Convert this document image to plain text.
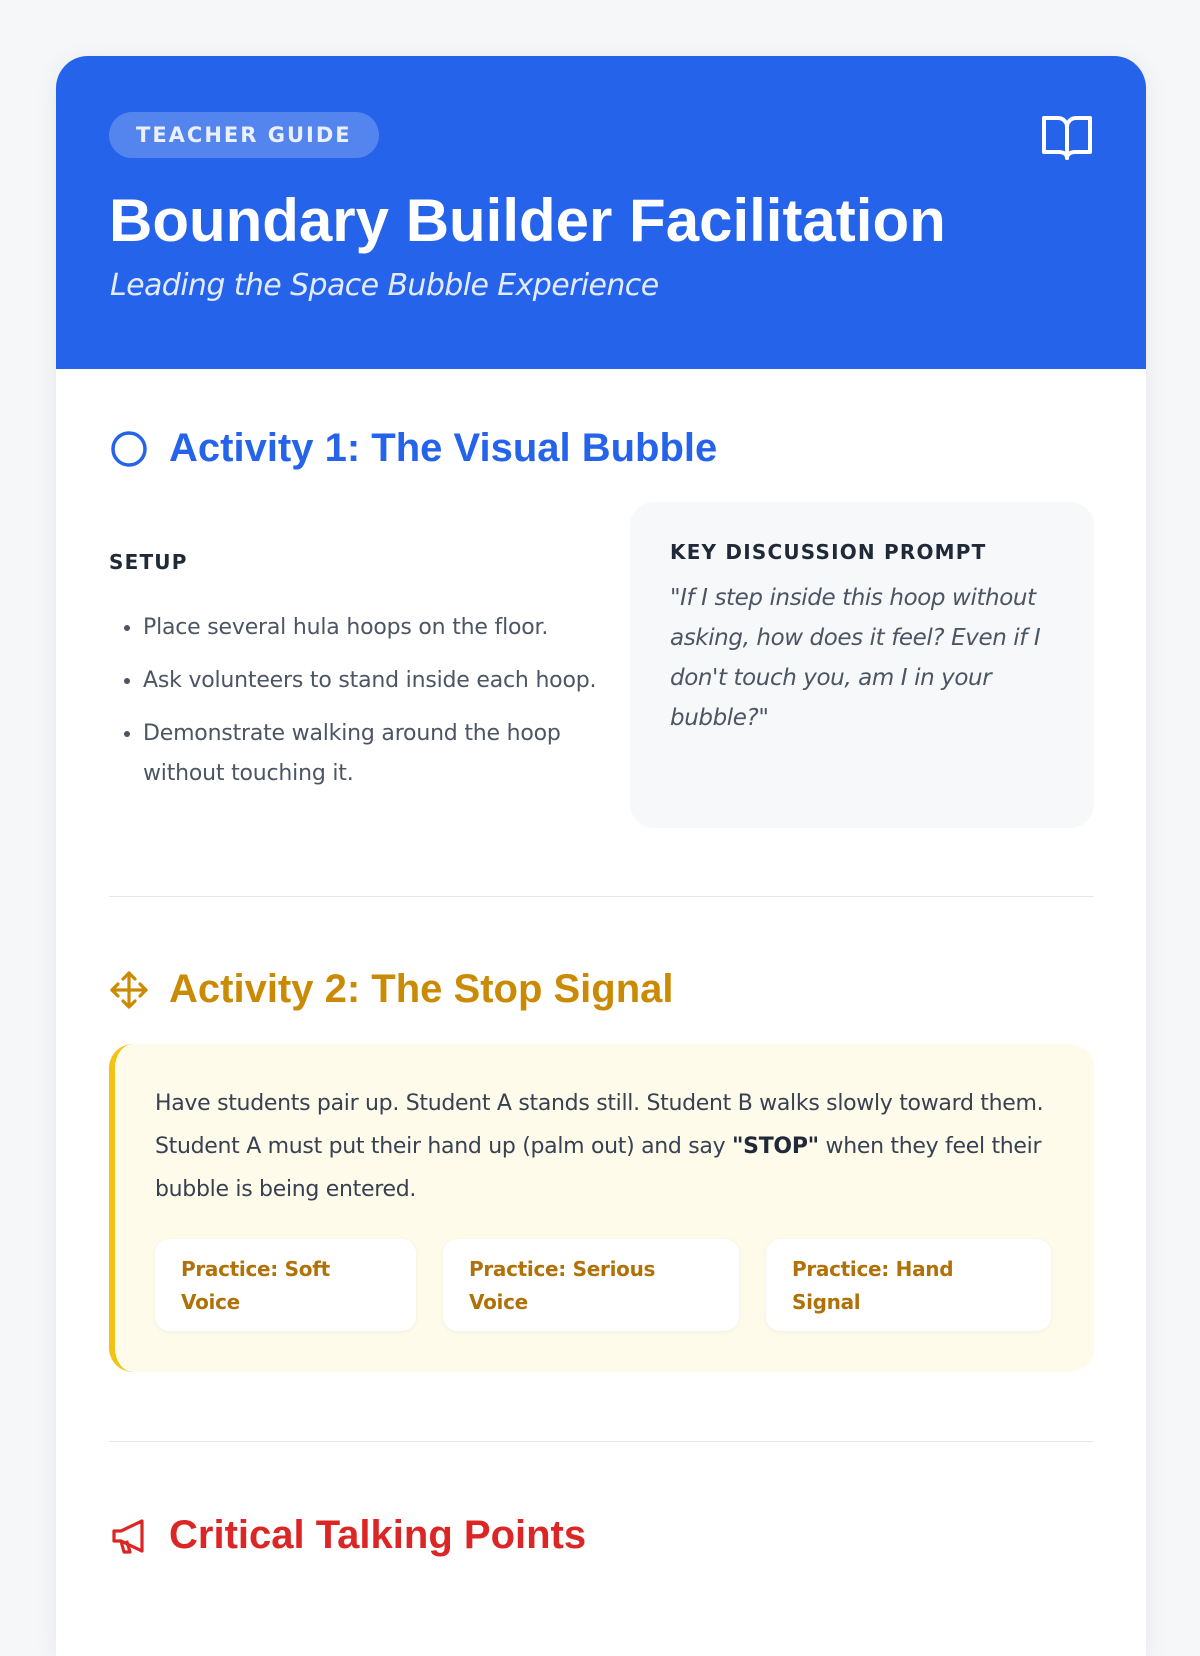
TEACHER GUIDE
Boundary Builder Facilitation
Leading the Space Bubble Experience
Activity 1: The Visual Bubble
SETUP
• Place several hula hoops on the floor.
• Ask volunteers to stand inside each hoop.
• Demonstrate walking around the hoop without touching it.
KEY DISCUSSION PROMPT
"If I step inside this hoop without asking, how does it feel? Even if I don't touch you, am I in your bubble?"
Activity 2: The Stop Signal
Have students pair up. Student A stands still. Student B walks slowly toward them. Student A must put their hand up (palm out) and say "STOP" when they feel their bubble is being entered.
Practice: Soft Voice
Practice: Serious Voice
Practice: Hand Signal
Critical Talking Points
